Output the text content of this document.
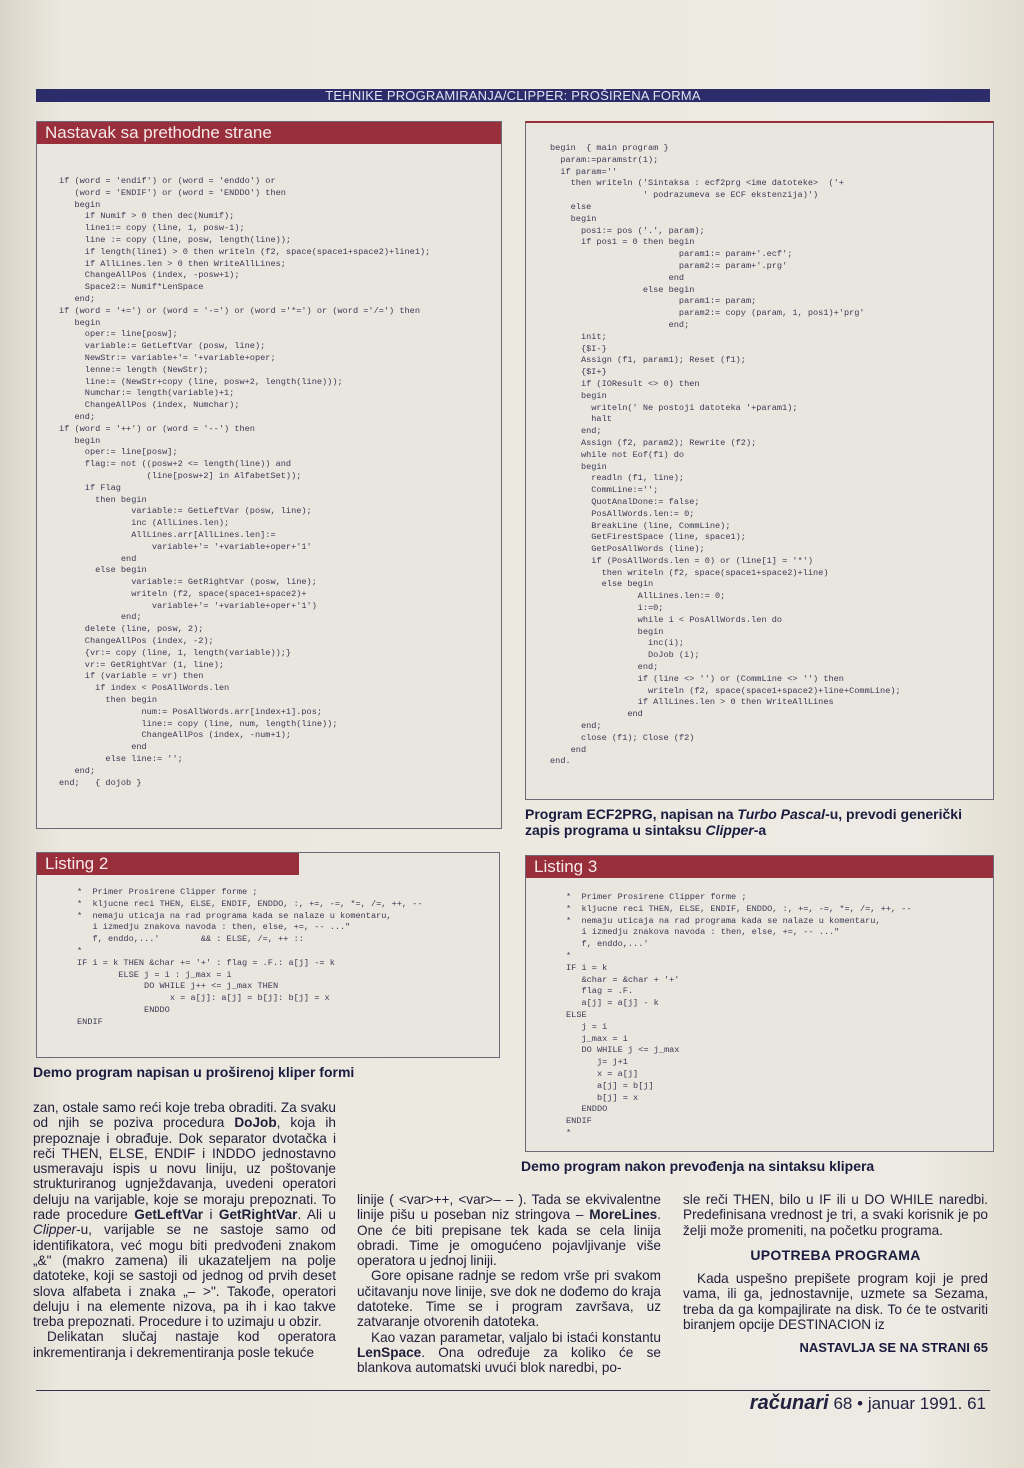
TEHNIKE PROGRAMIRANJA/CLIPPER: PROŠIRENA FORMA
Nastavak sa prethodne strane
if (word = 'endif') or (word = 'enddo') or
(word = 'ENDIF') or (word = 'ENDDO') then
begin
if Numif > 0 then dec(Numif);
line1:= copy (line, 1, posw-1);
line := copy (line, posw, length(line));
if length(line1) > 0 then writeln (f2, space(space1+space2)+line1);
if AllLines.len > 0 then WriteAllLines;
ChangeAllPos (index, -posw+1);
Space2:= Numif*LenSpace
end;
if (word = '+=') or (word = '-=') or (word ='*=') or (word ='/=') then
begin
oper:= line[posw];
variable:= GetLeftVar (posw, line);
NewStr:= variable+'= '+variable+oper;
lenne:= length (NewStr);
line:= (NewStr+copy (line, posw+2, length(line)));
Numchar:= length(variable)+1;
ChangeAllPos (index, Numchar);
end;
if (word = '++') or (word = '--') then
begin
oper:= line[posw];
flag:= not ((posw+2 <= length(line)) and
(line[posw+2] in AlfabetSet));
if Flag
then begin
variable:= GetLeftVar (posw, line);
inc (AllLines.len);
AllLines.arr[AllLines.len]:=
variable+'= '+variable+oper+'1'
end
else begin
variable:= GetRightVar (posw, line);
writeln (f2, space(space1+space2)+
variable+'= '+variable+oper+'1')
end;
delete (line, posw, 2);
ChangeAllPos (index, -2);
{vr:= copy (line, 1, length(variable));}
vr:= GetRightVar (1, line);
if (variable = vr) then
if index < PosAllWords.len
then begin
num:= PosAllWords.arr[index+1].pos;
line:= copy (line, num, length(line));
ChangeAllPos (index, -num+1);
end
else line:= '';
end;
end;   { dojob }
begin  { main program }
param:=paramstr(1);
if param=''
then writeln ('Sintaksa : ecf2prg <ime datoteke>  ('+
' podrazumeva se ECF ekstenzija)')
else
begin
pos1:= pos ('.', param);
if pos1 = 0 then begin
param1:= param+'.ecf';
param2:= param+'.prg'
end
else begin
param1:= param;
param2:= copy (param, 1, pos1)+'prg'
end;
init;
{$I-}
Assign (f1, param1); Reset (f1);
{$I+}
if (IOResult <> 0) then
begin
writeln(' Ne postoji datoteka '+param1);
halt
end;
Assign (f2, param2); Rewrite (f2);
while not Eof(f1) do
begin
readln (f1, line);
CommLine:='';
QuotAnalDone:= false;
PosAllWords.len:= 0;
BreakLine (line, CommLine);
GetFirestSpace (line, space1);
GetPosAllWords (line);
if (PosAllWords.len = 0) or (line[1] = '*')
then writeln (f2, space(space1+space2)+line)
else begin
AllLines.len:= 0;
i:=0;
while i < PosAllWords.len do
begin
inc(i);
DoJob (i);
end;
if (line <> '') or (CommLine <> '') then
writeln (f2, space(space1+space2)+line+CommLine);
if AllLines.len > 0 then WriteAllLines
end
end;
close (f1); Close (f2)
end
end.
Program ECF2PRG, napisan na Turbo Pascal-u, prevodi generički zapis programa u sintaksu Clipper-a
Listing 2
*  Primer Prosirene Clipper forme ;
*  kljucne reci THEN, ELSE, ENDIF, ENDDO, :, +=, -=, *=, /=, ++, --
*  nemaju uticaja na rad programa kada se nalaze u komentaru,
i izmedju znakova navoda : then, else, +=, -- ..."
f, enddo,...'        && : ELSE, /=, ++ ::
*
IF i = k THEN &char += '+' : flag = .F.: a[j] -= k
ELSE j = i : j_max = i
DO WHILE j++ <= j_max THEN
x = a[j]: a[j] = b[j]: b[j] = x
ENDDO
ENDIF
Demo program napisan u proširenoj kliper formi
Listing 3
*  Primer Prosirene Clipper forme ;
*  kljucne reci THEN, ELSE, ENDIF, ENDDO, :, +=, -=, *=, /=, ++, --
*  nemaju uticaja na rad programa kada se nalaze u komentaru,
i izmedju znakova navoda : then, else, +=, -- ..."
f, enddo,...'
*
IF i = k
&char = &char + '+'
flag = .F.
a[j] = a[j] - k
ELSE
j = i
j_max = i
DO WHILE j <= j_max
j= j+1
x = a[j]
a[j] = b[j]
b[j] = x
ENDDO
ENDIF
*
Demo program nakon prevođenja na sintaksu klipera

zan, ostale samo reći koje treba obraditi. Za svaku od njih se poziva procedura DoJob, koja ih prepoznaje i obrađuje. Dok separator dvotačka i reči THEN, ELSE, ENDIF i INDDO jednostavno usmeravaju ispis u novu liniju, uz poštovanje strukturiranog ugnježdavanja, uvedeni operatori deluju na varijable, koje se moraju prepoznati. To rade procedure GetLeftVar i GetRightVar. Ali u Clipper-u, varijable se ne sastoje samo od identifikatora, već mogu biti predvođeni znakom „&" (makro zamena) ili ukazateljem na polje datoteke, koji se sastoji od jednog od prvih deset slova alfabeta i znaka „– >". Takođe, operatori deluju i na elemente nizova, pa ih i kao takve treba prepoznati. Procedure i to uzimaju u obzir.

Delikatan slučaj nastaje kod operatora inkrementiranja i dekrementiranja posle tekuće

linije ( <var>++, <var>– – ). Tada se ekvivalentne linije pišu u poseban niz stringova – MoreLines. One će biti prepisane tek kada se cela linija obradi. Time je omogućeno pojavljivanje više operatora u jednoj liniji.

Gore opisane radnje se redom vrše pri svakom učitavanju nove linije, sve dok ne dođemo do kraja datoteke. Time se i program završava, uz zatvaranje otvorenih datoteka.

Kao vazan parametar, valjalo bi istaći konstantu LenSpace. Ona određuje za koliko će se blankova automatski uvući blok naredbi, po-

sle reči THEN, bilo u IF ili u DO WHILE naredbi. Predefinisana vrednost je tri, a svaki korisnik je po želji može promeniti, na početku programa.

UPOTREBA PROGRAMA

Kada uspešno prepišete program koji je pred vama, ili ga, jednostavnije, uzmete sa Sezama, treba da ga kompajlirate na disk. To će te ostvariti biranjem opcije DESTINACION iz

NASTAVLJA SE NA STRANI 65
računari 68 • januar 1991. 61
